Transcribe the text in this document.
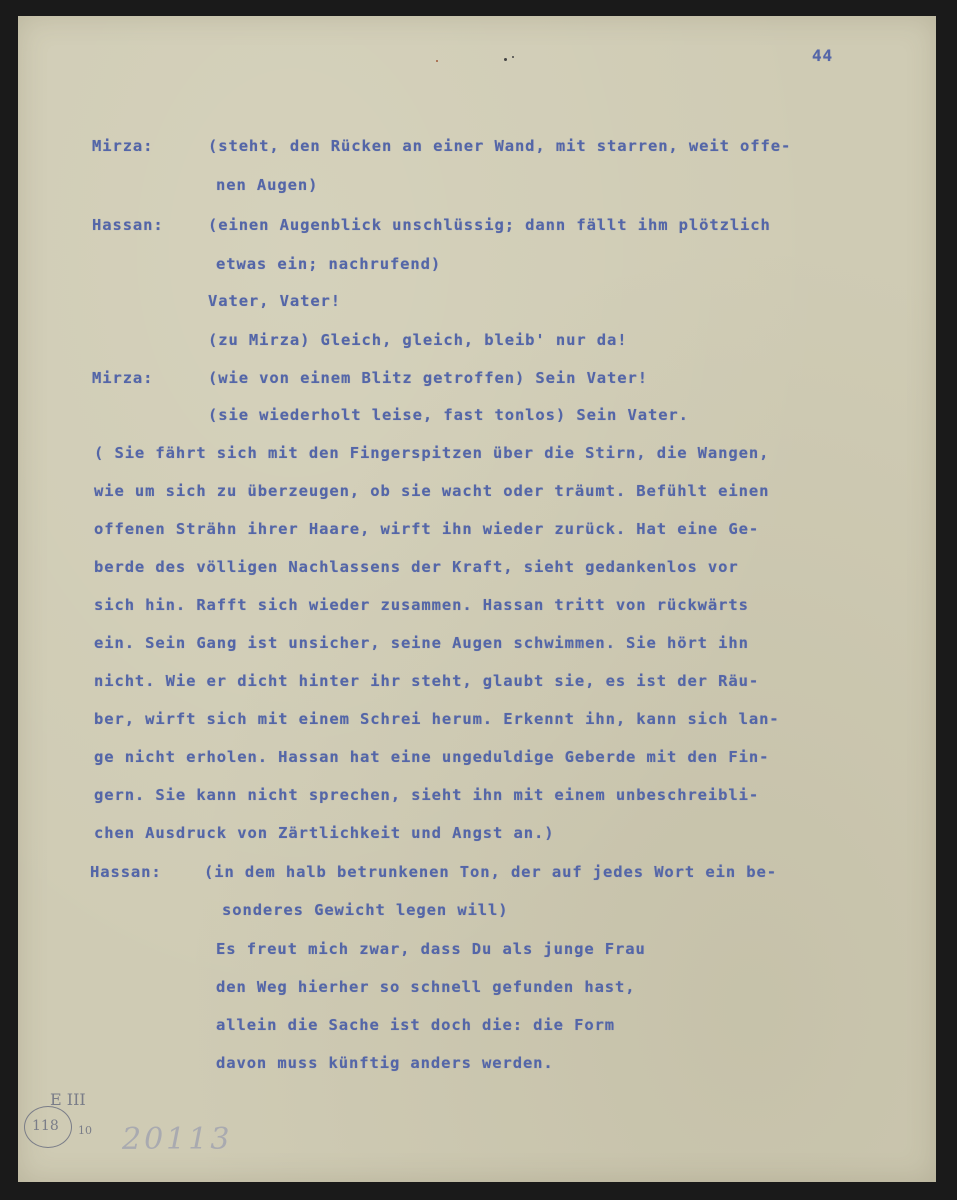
44
Mirza:	(steht, den Rücken an einer Wand, mit starren, weit offe-
nen Augen)
Hassan:	(einen Augenblick unschlüssig; dann fällt ihm plötzlich
etwas ein; nachrufend)
Vater, Vater!
(zu Mirza) Gleich, gleich, bleib' nur da!
Mirza:	(wie von einem Blitz getroffen) Sein Vater!
(sie wiederholt leise, fast tonlos) Sein Vater.
( Sie fährt sich mit den Fingerspitzen über die Stirn, die Wangen,
wie um sich zu überzeugen, ob sie wacht oder träumt. Befühlt einen
offenen Strähn ihrer Haare, wirft ihn wieder zurück. Hat eine Ge-
berde des völligen Nachlassens der Kraft, sieht gedankenlos vor
sich hin. Rafft sich wieder zusammen. Hassan tritt von rückwärts
ein. Sein Gang ist unsicher, seine Augen schwimmen. Sie hört ihn
nicht. Wie er dicht hinter ihr steht, glaubt sie, es ist der Räu-
ber, wirft sich mit einem Schrei herum. Erkennt ihn, kann sich lan-
ge nicht erholen. Hassan hat eine ungeduldige Geberde mit den Fin-
gern. Sie kann nicht sprechen, sieht ihn mit einem unbeschreibli-
chen Ausdruck von Zärtlichkeit und Angst an.)
Hassan:	(in dem halb betrunkenen Ton, der auf jedes Wort ein be-
sonderes Gewicht legen will)
Es freut mich zwar, dass Du als junge Frau
den Weg hierher so schnell gefunden hast,
allein die Sache ist doch die: die Form
davon muss künftig anders werden.
E III
118 10 20113
